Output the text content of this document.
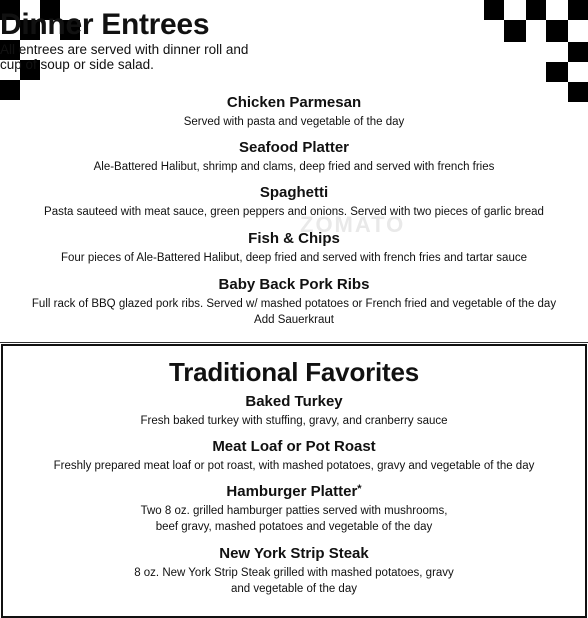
ZOMATO
Dinner Entrees
All entrees are served with dinner roll and
cup of soup or side salad.
Chicken Parmesan
Served with pasta and vegetable of the day
Seafood Platter
Ale-Battered Halibut, shrimp and clams, deep fried and served with french fries
Spaghetti
Pasta sauteed with meat sauce, green peppers and onions. Served with two pieces of garlic bread
Fish & Chips
Four pieces of Ale-Battered Halibut, deep fried and served with french fries and tartar sauce
Baby Back Pork Ribs
Full rack of BBQ glazed pork ribs. Served w/ mashed potatoes or French fried and vegetable of the day
Add Sauerkraut
Traditional Favorites
Baked Turkey
Fresh baked turkey with stuffing, gravy, and cranberry sauce
Meat Loaf or Pot Roast
Freshly prepared meat loaf or pot roast, with mashed potatoes, gravy and vegetable of the day
Hamburger Platter*
Two 8 oz. grilled hamburger patties served with mushrooms,
beef gravy, mashed potatoes and vegetable of the day
New York Strip Steak
8 oz. New York Strip Steak grilled with mashed potatoes, gravy
and vegetable of the day
